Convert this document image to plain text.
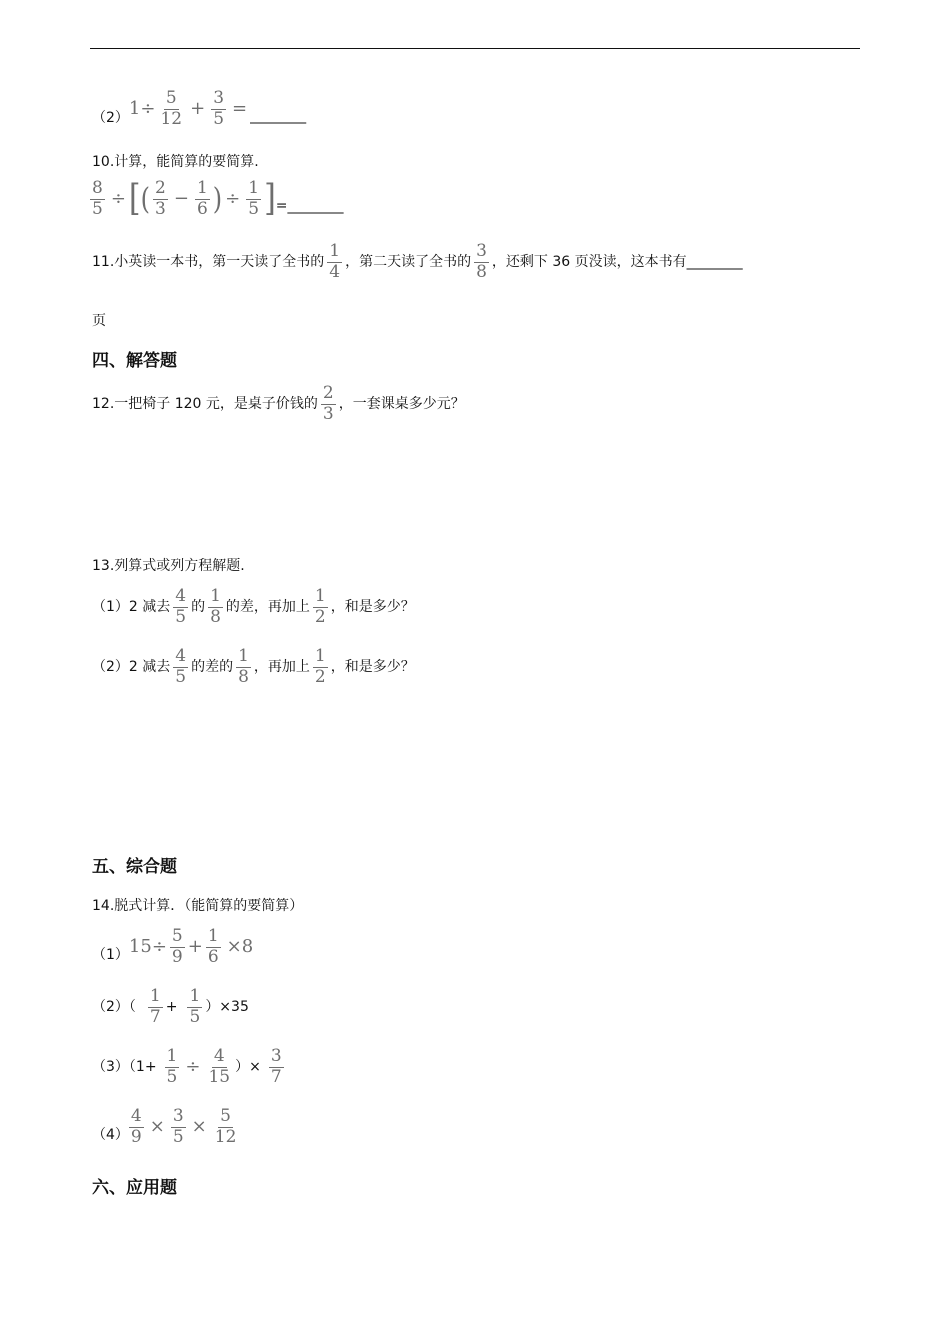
（2） $1\div \frac{5}{12} + \frac{3}{5}$ = ________
10.计算，能简算的要简算.
$\frac{8}{5}$ ÷ [ ( $\frac{2}{3} - \frac{1}{6}$ ) ÷ $\frac{1}{5}$ ] = ________
11.小英读一本书，第一天读了全书的 $\frac{1}{4}$ ，第二天读了全书的 $\frac{3}{8}$ ，还剩下 36 页没读，这本书有 ________
页
四、解答题
12.一把椅子 120 元，是桌子价钱的 $\frac{2}{3}$ ，一套课桌多少元？
13.列算式或列方程解题.
（1）2 减去 $\frac{4}{5}$ 的 $\frac{1}{8}$ 的差，再加上 $\frac{1}{2}$ ，和是多少？
（2）2 减去 $\frac{4}{5}$ 的差的 $\frac{1}{8}$ ，再加上 $\frac{1}{2}$ ，和是多少？
五、综合题
14.脱式计算．（能简算的要简算）
（1） $15\div \frac{5}{9} + \frac{1}{6} \times 8$
$(2)( \frac{1}{7} + \frac{1}{5} )\times 35$
$(3)(1+ \frac{1}{5} \div \frac{4}{15}$ ）× $\frac{3}{7}$
$(4) \frac{4}{9} \times \frac{3}{5} \times \frac{5}{12}$
六、应用题
